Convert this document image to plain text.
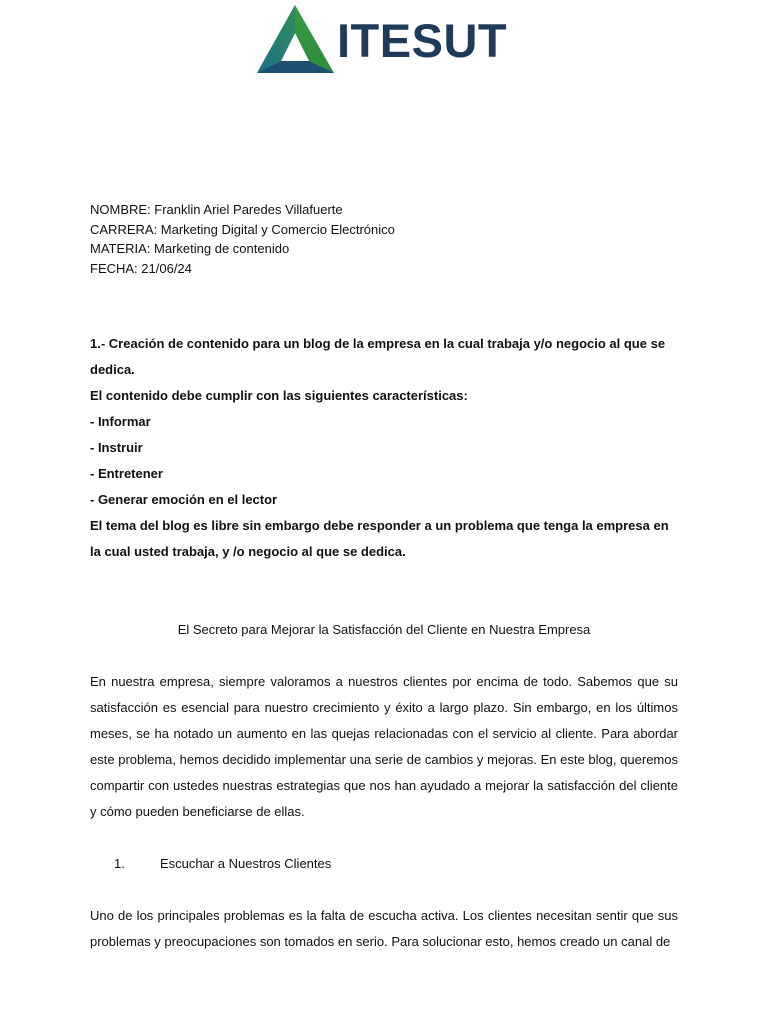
ITESUT
NOMBRE: Franklin Ariel Paredes Villafuerte
CARRERA: Marketing Digital y Comercio Electrónico
MATERIA: Marketing de contenido
FECHA: 21/06/24
1.- Creación de contenido para un blog de la empresa en la cual trabaja y/o negocio al que se dedica.
El contenido debe cumplir con las siguientes características:
- Informar
- Instruir
- Entretener
- Generar emoción en el lector
El tema del blog es libre sin embargo debe responder a un problema que tenga la empresa en la cual usted trabaja, y /o negocio al que se dedica.
El Secreto para Mejorar la Satisfacción del Cliente en Nuestra Empresa
En nuestra empresa, siempre valoramos a nuestros clientes por encima de todo. Sabemos que su satisfacción es esencial para nuestro crecimiento y éxito a largo plazo. Sin embargo, en los últimos meses, se ha notado un aumento en las quejas relacionadas con el servicio al cliente. Para abordar este problema, hemos decidido implementar una serie de cambios y mejoras. En este blog, queremos compartir con ustedes nuestras estrategias que nos han ayudado a mejorar la satisfacción del cliente y cómo pueden beneficiarse de ellas.
1.	Escuchar a Nuestros Clientes
Uno de los principales problemas es la falta de escucha activa. Los clientes necesitan sentir que sus problemas y preocupaciones son tomados en serio. Para solucionar esto, hemos creado un canal de
